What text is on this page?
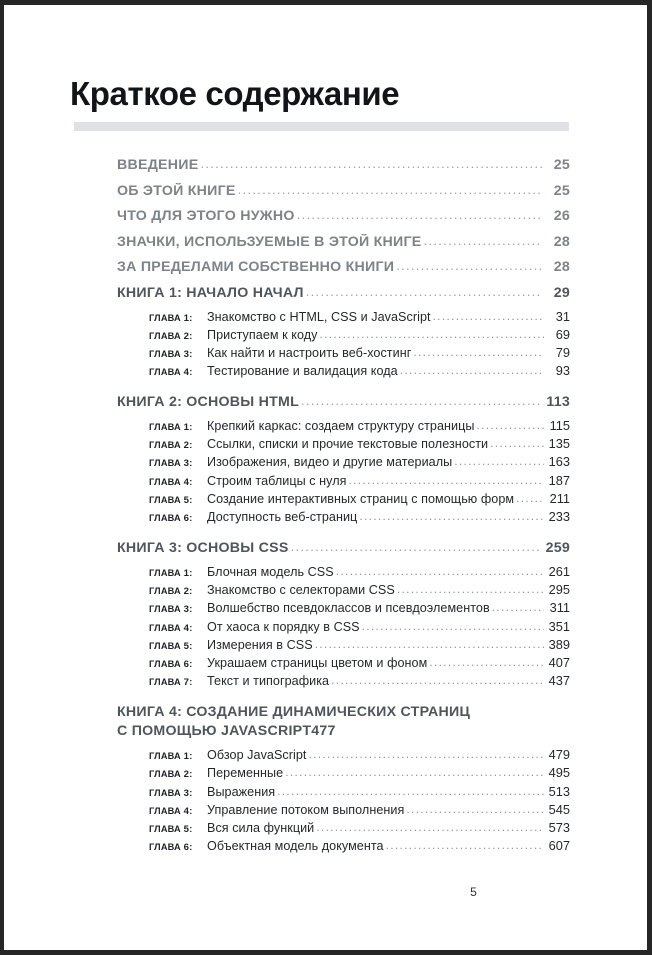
Краткое содержание
ВВЕДЕНИЕ .....	25
ОБ ЭТОЙ КНИГЕ .....	25
ЧТО ДЛЯ ЭТОГО НУЖНО .....	26
ЗНАЧКИ, ИСПОЛЬЗУЕМЫЕ В ЭТОЙ КНИГЕ .....	28
ЗА ПРЕДЕЛАМИ СОБСТВЕННО КНИГИ .....	28
КНИГА 1: НАЧАЛО НАЧАЛ .....	29
ГЛАВА 1:	Знакомство с HTML, CSS и JavaScript .....	31
ГЛАВА 2:	Приступаем к коду .....	69
ГЛАВА 3:	Как найти и настроить веб-хостинг .....	79
ГЛАВА 4:	Тестирование и валидация кода .....	93
КНИГА 2: ОСНОВЫ HTML .....	113
ГЛАВА 1:	Крепкий каркас: создаем структуру страницы .....	115
ГЛАВА 2:	Ссылки, списки и прочие текстовые полезности .....	135
ГЛАВА 3:	Изображения, видео и другие материалы .....	163
ГЛАВА 4:	Строим таблицы с нуля .....	187
ГЛАВА 5:	Создание интерактивных страниц с помощью форм .....	211
ГЛАВА 6:	Доступность веб-страниц .....	233
КНИГА 3: ОСНОВЫ CSS .....	259
ГЛАВА 1:	Блочная модель CSS .....	261
ГЛАВА 2:	Знакомство с селекторами CSS .....	295
ГЛАВА 3:	Волшебство псевдоклассов и псевдоэлементов .....	311
ГЛАВА 4:	От хаоса к порядку в CSS .....	351
ГЛАВА 5:	Измерения в CSS .....	389
ГЛАВА 6:	Украшаем страницы цветом и фоном .....	407
ГЛАВА 7:	Текст и типографика .....	437
КНИГА 4: СОЗДАНИЕ ДИНАМИЧЕСКИХ СТРАНИЦ
С ПОМОЩЬЮ JAVASCRIPT 477
ГЛАВА 1:	Обзор JavaScript .....	479
ГЛАВА 2:	Переменные .....	495
ГЛАВА 3:	Выражения .....	513
ГЛАВА 4:	Управление потоком выполнения .....	545
ГЛАВА 5:	Вся сила функций .....	573
ГЛАВА 6:	Объектная модель документа .....	607
5
